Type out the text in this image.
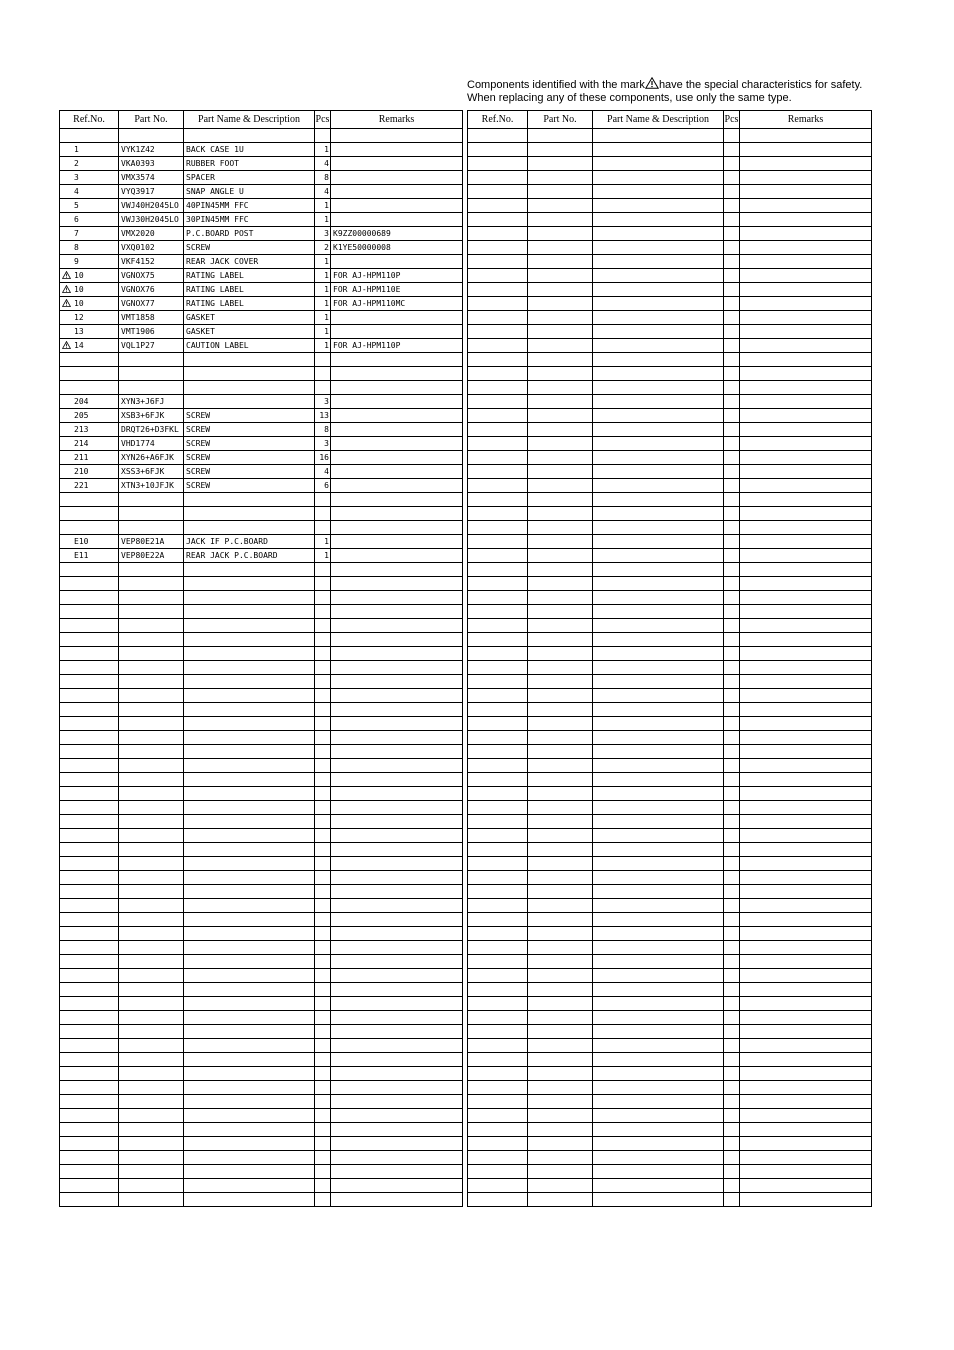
Components identified with the mark have the special characteristics for safety.
When replacing any of these components, use only the same type.
Ref.No.	Part No.	Part Name & Description	Pcs	Remarks

1	VYK1Z42	BACK CASE 1U	1	
2	VKA0393	RUBBER FOOT	4	
3	VMX3574	SPACER	8	
4	VYQ3917	SNAP ANGLE U	4	
5	VWJ40H2045LO	40PIN45MM FFC	1	
6	VWJ30H2045LO	30PIN45MM FFC	1	
7	VMX2020	P.C.BOARD POST	3	K9ZZ00000689
8	VXQ0102	SCREW	2	K1YE50000008
9	VKF4152	REAR JACK COVER	1	
10	VGNOX75	RATING LABEL	1	FOR AJ-HPM110P
10	VGNOX76	RATING LABEL	1	FOR AJ-HPM110E
10	VGNOX77	RATING LABEL	1	FOR AJ-HPM110MC
12	VMT1858	GASKET	1	
13	VMT1906	GASKET	1	
14	VQL1P27	CAUTION LABEL	1	FOR AJ-HPM110P

204	XYN3+J6FJ		3	
205	XSB3+6FJK	SCREW	13	
213	DRQT26+D3FKL	SCREW	8	
214	VHD1774	SCREW	3	
211	XYN26+A6FJK	SCREW	16	
210	XSS3+6FJK	SCREW	4	
221	XTN3+10JFJK	SCREW	6	

E10	VEP80E21A	JACK IF P.C.BOARD	1	
E11	VEP80E22A	REAR JACK P.C.BOARD	1	

Ref.No.	Part No.	Part Name & Description	Pcs	Remarks
